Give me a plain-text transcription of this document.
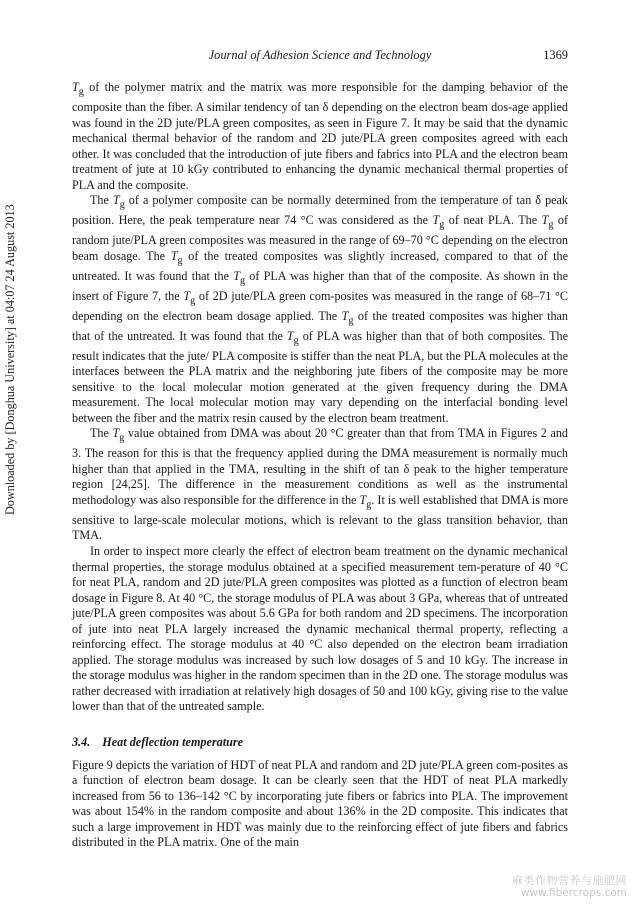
Journal of Adhesion Science and Technology	1369
Downloaded by [Donghua University] at 04:07 24 August 2013

$T_g$ of the polymer matrix and the matrix was more responsible for the damping behavior of the composite than the fiber. A similar tendency of tan δ depending on the electron beam dos-age applied was found in the 2D jute/PLA green composites, as seen in Figure 7. It may be said that the dynamic mechanical thermal behavior of the random and 2D jute/PLA green composites agreed with each other. It was concluded that the introduction of jute fibers and fabrics into PLA and the electron beam treatment of jute at 10 kGy contributed to enhancing the dynamic mechanical thermal properties of PLA and the composite.

The $T_g$ of a polymer composite can be normally determined from the temperature of tan δ peak position. Here, the peak temperature near 74 °C was considered as the $T_g$ of neat PLA. The $T_g$ of random jute/PLA green composites was measured in the range of 69–70 °C depending on the electron beam dosage. The $T_g$ of the treated composites was slightly increased, compared to that of the untreated. It was found that the $T_g$ of PLA was higher than that of the composite. As shown in the insert of Figure 7, the $T_g$ of 2D jute/PLA green com-posites was measured in the range of 68–71 °C depending on the electron beam dosage applied. The $T_g$ of the treated composites was higher than that of the untreated. It was found that the $T_g$ of PLA was higher than that of both composites. The result indicates that the jute/ PLA composite is stiffer than the neat PLA, but the PLA molecules at the interfaces between the PLA matrix and the neighboring jute fibers of the composite may be more sensitive to the local molecular motion generated at the given frequency during the DMA measurement. The local molecular motion may vary depending on the interfacial bonding level between the fiber and the matrix resin caused by the electron beam treatment.

The $T_g$ value obtained from DMA was about 20 °C greater than that from TMA in Figures 2 and 3. The reason for this is that the frequency applied during the DMA measurement is normally much higher than that applied in the TMA, resulting in the shift of tan δ peak to the higher temperature region [24,25]. The difference in the measurement conditions as well as the instrumental methodology was also responsible for the difference in the $T_g$. It is well established that DMA is more sensitive to large-scale molecular motions, which is relevant to the glass transition behavior, than TMA.

In order to inspect more clearly the effect of electron beam treatment on the dynamic mechanical thermal properties, the storage modulus obtained at a specified measurement tem-perature of 40 °C for neat PLA, random and 2D jute/PLA green composites was plotted as a function of electron beam dosage in Figure 8. At 40 °C, the storage modulus of PLA was about 3 GPa, whereas that of untreated jute/PLA green composites was about 5.6 GPa for both random and 2D specimens. The incorporation of jute into neat PLA largely increased the dynamic mechanical thermal property, reflecting a reinforcing effect. The storage modulus at 40 °C also depended on the electron beam irradiation applied. The storage modulus was increased by such low dosages of 5 and 10 kGy. The increase in the storage modulus was higher in the random specimen than in the 2D one. The storage modulus was rather decreased with irradiation at relatively high dosages of 50 and 100 kGy, giving rise to the value lower than that of the untreated sample.

3.4. Heat deflection temperature

Figure 9 depicts the variation of HDT of neat PLA and random and 2D jute/PLA green com-posites as a function of electron beam dosage. It can be clearly seen that the HDT of neat PLA markedly increased from 56 to 136–142 °C by incorporating jute fibers or fabrics into PLA. The improvement was about 154% in the random composite and about 136% in the 2D composite. This indicates that such a large improvement in HDT was mainly due to the reinforcing effect of jute fibers and fabrics distributed in the PLA matrix. One of the main

麻类作物营养与施肥网
www.fibercrops.com
